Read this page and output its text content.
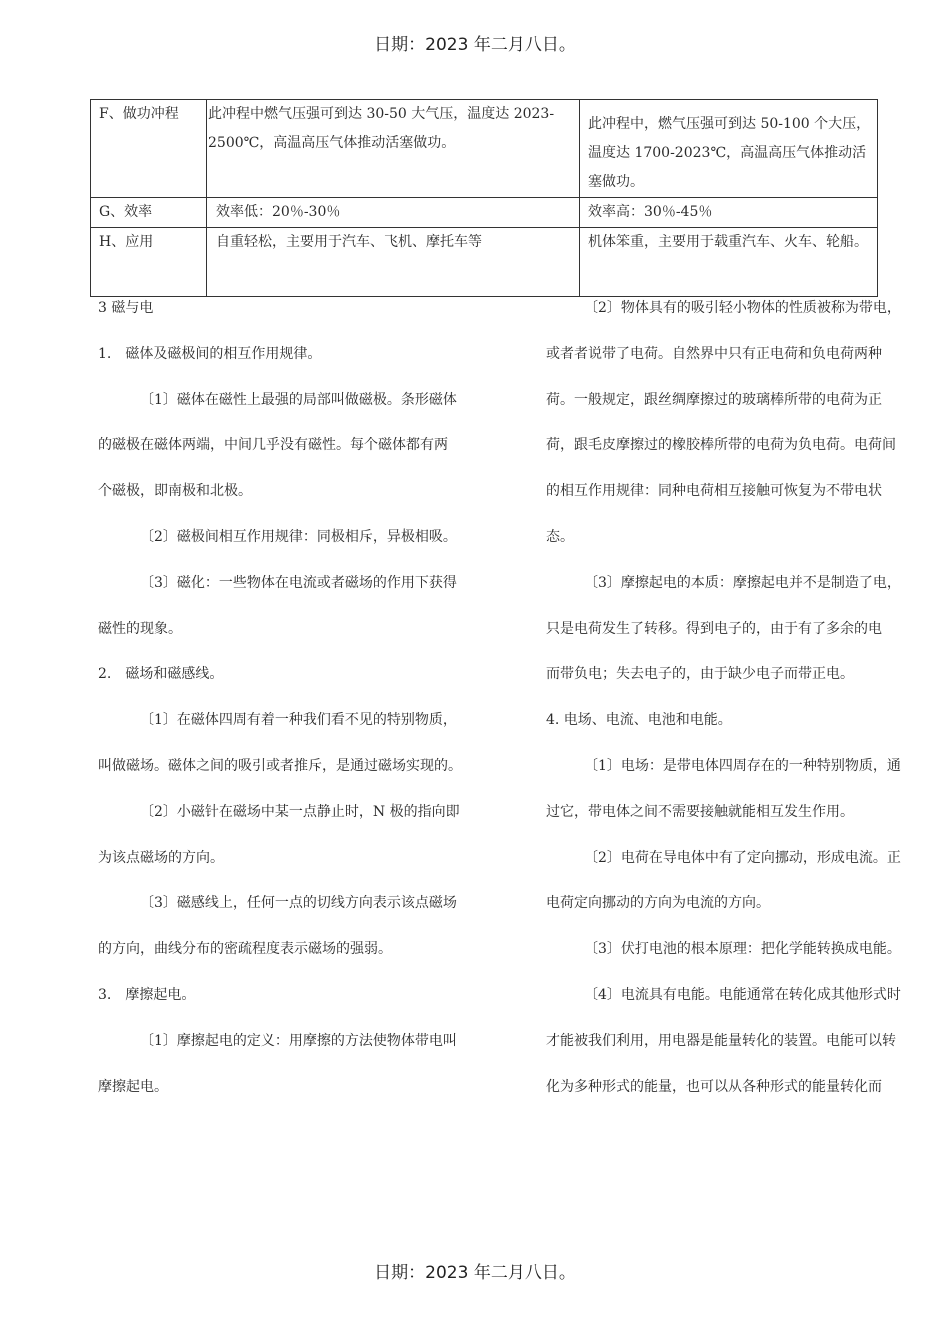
日期：2023 年二月八日。
F、做功冲程	此冲程中燃气压强可到达 30-50 大气压，温度达 2023-2500℃，高温高压气体推动活塞做功。	此冲程中，燃气压强可到达 50-100 个大压，温度达 1700-2023℃，高温高压气体推动活塞做功。
G、效率	效率低：20％-30％	效率高：30％-45％
H、应用	自重轻松，主要用于汽车、飞机、摩托车等	机体笨重，主要用于载重汽车、火车、轮船。

3 磁与电

1.　磁体及磁极间的相互作用规律。

〔1〕磁体在磁性上最强的局部叫做磁极。条形磁体

的磁极在磁体两端，中间几乎没有磁性。每个磁体都有两

个磁极，即南极和北极。

〔2〕磁极间相互作用规律：同极相斥，异极相吸。

〔3〕磁化：一些物体在电流或者磁场的作用下获得

磁性的现象。

2.　磁场和磁感线。

〔1〕在磁体四周有着一种我们看不见的特别物质，

叫做磁场。磁体之间的吸引或者推斥，是通过磁场实现的。

〔2〕小磁针在磁场中某一点静止时，N 极的指向即

为该点磁场的方向。

〔3〕磁感线上，任何一点的切线方向表示该点磁场

的方向，曲线分布的密疏程度表示磁场的强弱。

3.　摩擦起电。

〔1〕摩擦起电的定义：用摩擦的方法使物体带电叫

摩擦起电。

〔2〕物体具有的吸引轻小物体的性质被称为带电，

或者者说带了电荷。自然界中只有正电荷和负电荷两种

荷。一般规定，跟丝绸摩擦过的玻璃棒所带的电荷为正

荷，跟毛皮摩擦过的橡胶棒所带的电荷为负电荷。电荷间

的相互作用规律：同种电荷相互接触可恢复为不带电状

态。

〔3〕摩擦起电的本质：摩擦起电并不是制造了电，

只是电荷发生了转移。得到电子的，由于有了多余的电

而带负电；失去电子的，由于缺少电子而带正电。

4. 电场、电流、电池和电能。

〔1〕电场：是带电体四周存在的一种特别物质，通

过它，带电体之间不需要接触就能相互发生作用。

〔2〕电荷在导电体中有了定向挪动，形成电流。正

电荷定向挪动的方向为电流的方向。

〔3〕伏打电池的根本原理：把化学能转换成电能。

〔4〕电流具有电能。电能通常在转化成其他形式时

才能被我们利用，用电器是能量转化的装置。电能可以转

化为多种形式的能量，也可以从各种形式的能量转化而

日期：2023 年二月八日。
